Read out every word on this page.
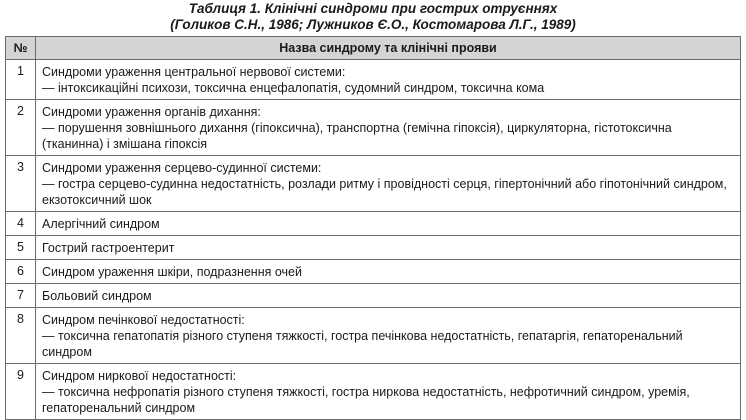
Таблиця 1. Клінічні синдроми при гострих отруєннях
(Голиков С.Н., 1986; Лужников Є.О., Костомарова Л.Г., 1989)
№	Назва синдрому та клінічні прояви
1	Синдроми ураження центральної нервової системи:
— інтоксикаційні психози, токсична енцефалопатія, судомний синдром, токсична кома

2	Синдроми ураження органів дихання:
— порушення зовнішнього дихання (гіпоксична), транспортна (гемічна гіпоксія), циркуляторна, гістотоксична (тканинна) і змішана гіпоксія

3	Синдроми ураження серцево-судинної системи:
— гостра серцево-судинна недостатність, розлади ритму і провідності серця, гіпертонічний або гіпотонічний синдром, екзотоксичний шок

4	Алергічний синдром

5	Гострий гастроентерит

6	Синдром ураження шкіри, подразнення очей

7	Больовий синдром

8	Синдром печінкової недостатності:
— токсична гепатопатія різного ступеня тяжкості, гостра печінкова недостатність, гепатаргія, гепаторенальний синдром

9	Синдром ниркової недостатності:
— токсична нефропатія різного ступеня тяжкості, гостра ниркова недостатність, нефротичний синдром, уремія, гепаторенальний синдром
